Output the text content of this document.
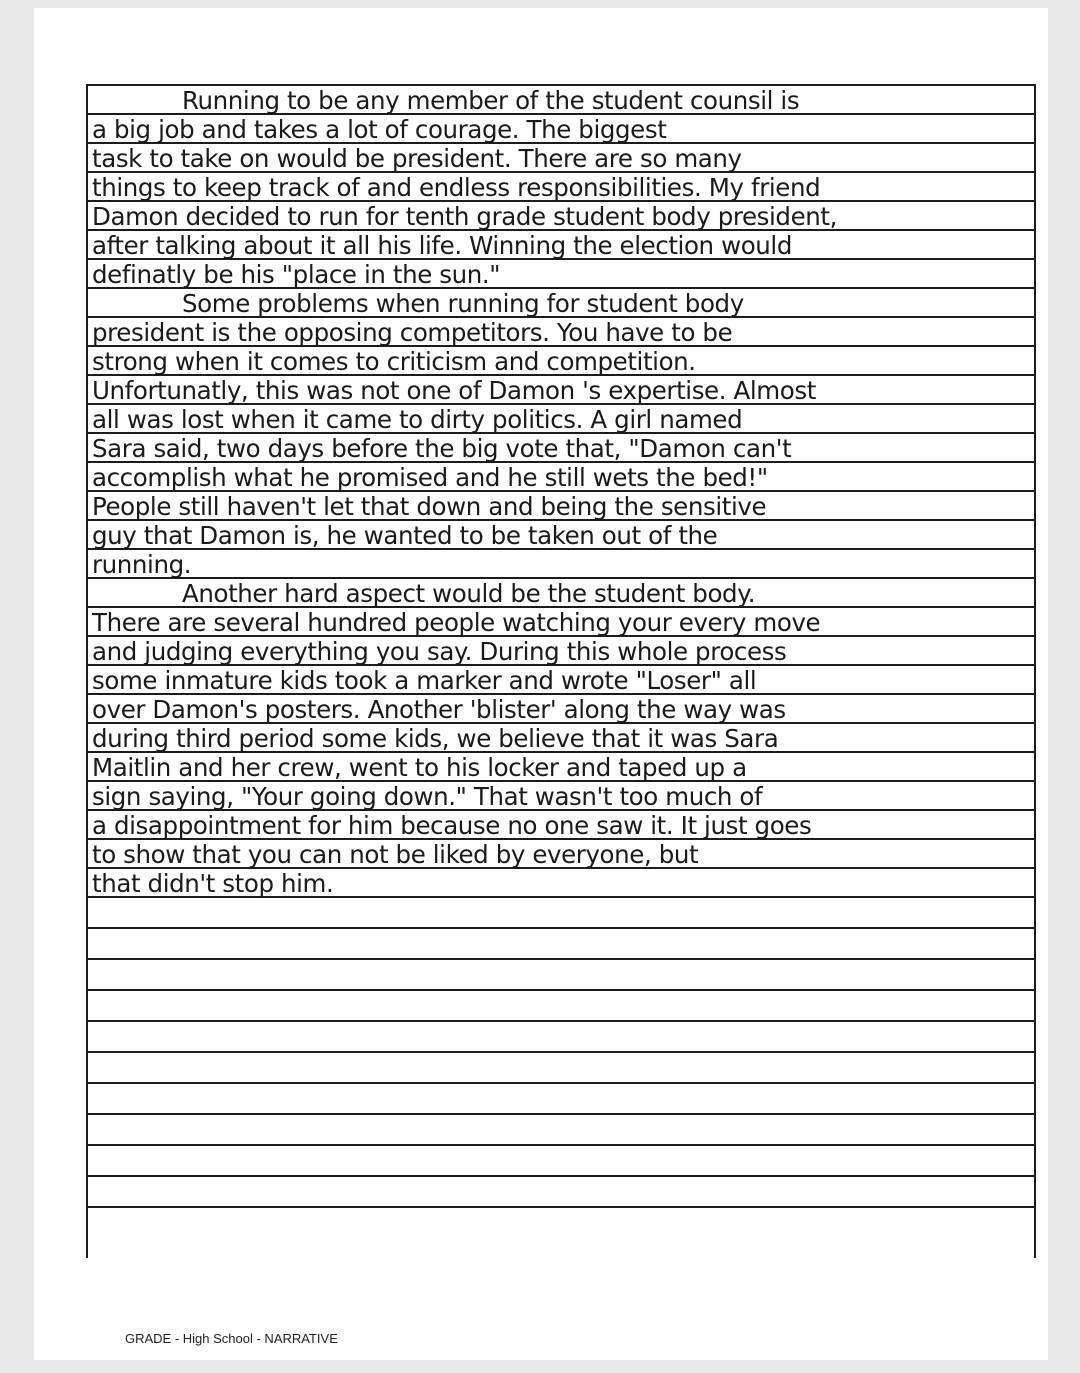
Running to be any member of the student counsil is
a big job and takes a lot of courage. The biggest
task to take on would be president. There are so many
things to keep track of and endless responsibilities. My friend
Damon decided to run for tenth grade student body president,
after talking about it all his life. Winning the election would
definatly be his "place in the sun."
Some problems when running for student body
president is the opposing competitors. You have to be
strong when it comes to criticism and competition.
Unfortunatly, this was not one of Damon 's expertise. Almost
all was lost when it came to dirty politics. A girl named
Sara said, two days before the big vote that, "Damon can't
accomplish what he promised and he still wets the bed!"
People still haven't let that down and being the sensitive
guy that Damon is, he wanted to be taken out of the
running.
Another hard aspect would be the student body.
There are several hundred people watching your every move
and judging everything you say. During this whole process
some inmature kids took a marker and wrote "Loser" all
over Damon's posters. Another 'blister' along the way was
during third period some kids, we believe that it was Sara
Maitlin and her crew, went to his locker and taped up a
sign saying, "Your going down." That wasn't too much of
a disappointment for him because no one saw it. It just goes
to show that you can not be liked by everyone, but
that didn't stop him.
GRADE - High School - NARRATIVE
